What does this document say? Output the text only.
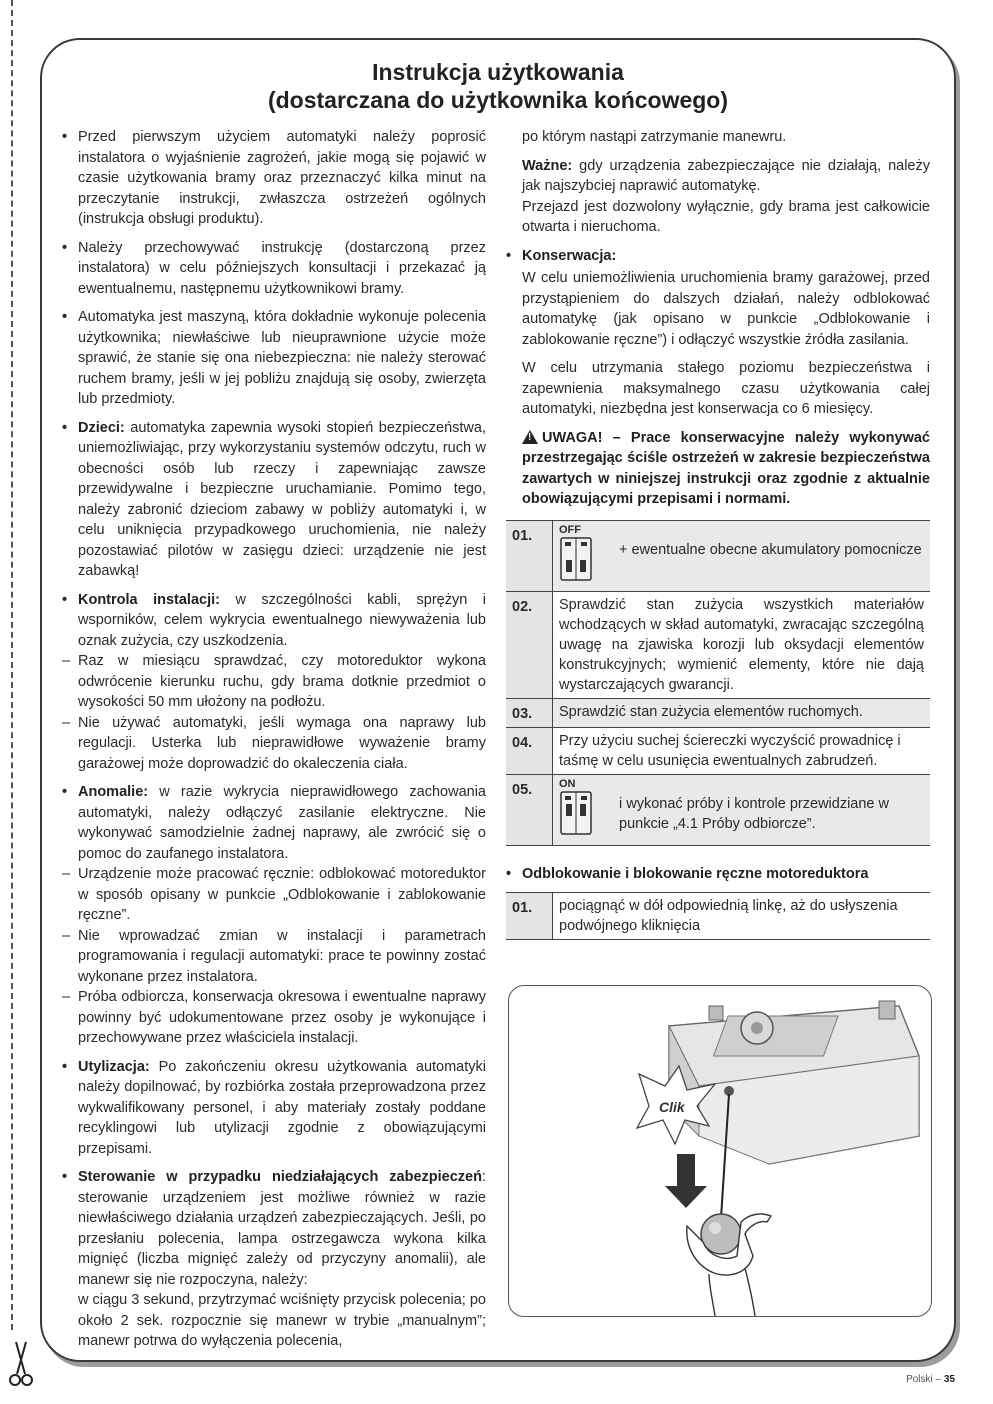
Instrukcja użytkowania
(dostarczana do użytkownika końcowego)

• Przed pierwszym użyciem automatyki należy poprosić instalatora o wyjaśnienie zagrożeń, jakie mogą się pojawić w czasie użytkowania bramy oraz przeznaczyć kilka minut na przeczytanie instrukcji, zwłaszcza ostrzeżeń ogólnych (instrukcja obsługi produktu).

• Należy przechowywać instrukcję (dostarczoną przez instalatora) w celu późniejszych konsultacji i przekazać ją ewentualnemu, następnemu użytkownikowi bramy.

• Automatyka jest maszyną, która dokładnie wykonuje polecenia użytkownika; niewłaściwe lub nieuprawnione użycie może sprawić, że stanie się ona niebezpieczna: nie należy sterować ruchem bramy, jeśli w jej pobliżu znajdują się osoby, zwierzęta lub przedmioty.

• Dzieci: automatyka zapewnia wysoki stopień bezpieczeństwa, uniemożliwiając, przy wykorzystaniu systemów odczytu, ruch w obecności osób lub rzeczy i zapewniając zawsze przewidywalne i bezpieczne uruchamianie. Pomimo tego, należy zabronić dzieciom zabawy w pobliży automatyki i, w celu uniknięcia przypadkowego uruchomienia, nie należy pozostawiać pilotów w zasięgu dzieci: urządzenie nie jest zabawką!

• Kontrola instalacji: w szczególności kabli, sprężyn i wsporników, celem wykrycia ewentualnego niewyważenia lub oznak zużycia, czy uszkodzenia.

– Raz w miesiącu sprawdzać, czy motoreduktor wykona odwrócenie kierunku ruchu, gdy brama dotknie przedmiot o wysokości 50 mm ułożony na podłożu.

– Nie używać automatyki, jeśli wymaga ona naprawy lub regulacji. Usterka lub nieprawidłowe wyważenie bramy garażowej może doprowadzić do okaleczenia ciała.

• Anomalie: w razie wykrycia nieprawidłowego zachowania automatyki, należy odłączyć zasilanie elektryczne. Nie wykonywać samodzielnie żadnej naprawy, ale zwrócić się o pomoc do zaufanego instalatora.

– Urządzenie może pracować ręcznie: odblokować motoreduktor w sposób opisany w punkcie „Odblokowanie i zablokowanie ręczne”.

– Nie wprowadzać zmian w instalacji i parametrach programowania i regulacji automatyki: prace te powinny zostać wykonane przez instalatora.

– Próba odbiorcza, konserwacja okresowa i ewentualne naprawy powinny być udokumentowane przez osoby je wykonujące i przechowywane przez właściciela instalacji.

• Utylizacja: Po zakończeniu okresu użytkowania automatyki należy dopilnować, by rozbiórka została przeprowadzona przez wykwalifikowany personel, i aby materiały zostały poddane recyklingowi lub utylizacji zgodnie z obowiązującymi przepisami.

• Sterowanie w przypadku niedziałających zabezpieczeń: sterowanie urządzeniem jest możliwe również w razie niewłaściwego działania urządzeń zabezpieczających. Jeśli, po przesłaniu polecenia, lampa ostrzegawcza wykona kilka mignięć (liczba mignięć zależy od przyczyny anomalii), ale manewr się nie rozpoczyna, należy:

w ciągu 3 sekund, przytrzymać wciśnięty przycisk polecenia; po około 2 sek. rozpocznie się manewr w trybie „manualnym”; manewr potrwa do wyłączenia polecenia,

po którym nastąpi zatrzymanie manewru.

Ważne: gdy urządzenia zabezpieczające nie działają, należy jak najszybciej naprawić automatykę.

Przejazd jest dozwolony wyłącznie, gdy brama jest całkowicie otwarta i nieruchoma.

• Konserwacja:

W celu uniemożliwienia uruchomienia bramy garażowej, przed przystąpieniem do dalszych działań, należy odblokować automatykę (jak opisano w punkcie „Odblokowanie i zablokowanie ręczne”) i odłączyć wszystkie źródła zasilania.

W celu utrzymania stałego poziomu bezpieczeństwa i zapewnienia maksymalnego czasu użytkowania całej automatyki, niezbędna jest konserwacja co 6 miesięcy.

! UWAGA! – Prace konserwacyjne należy wykonywać przestrzegając ściśle ostrzeżeń w zakresie bezpieczeństwa zawartych w niniejszej instrukcji oraz zgodnie z aktualnie obowiązującymi przepisami i normami.

01.	OFF
+ ewentualne obecne akumulatory pomocnicze

02.	Sprawdzić stan zużycia wszystkich materiałów wchodzących w skład automatyki, zwracając szczególną uwagę na zjawiska korozji lub oksydacji elementów konstrukcyjnych; wymienić elementy, które nie dają wystarczających gwarancji.
03.	Sprawdzić stan zużycia elementów ruchomych.
04.	Przy użyciu suchej ściereczki wyczyścić prowadnicę i taśmę w celu usunięcia ewentualnych zabrudzeń.
05.	ON
i wykonać próby i kontrole przewidziane w punkcie „4.1 Próby odbiorcze”.

• Odblokowanie i blokowanie ręczne motoreduktora

01.	pociągnąć w dół odpowiednią linkę, aż do usłyszenia podwójnego kliknięcia
Clik
Polski – 35
